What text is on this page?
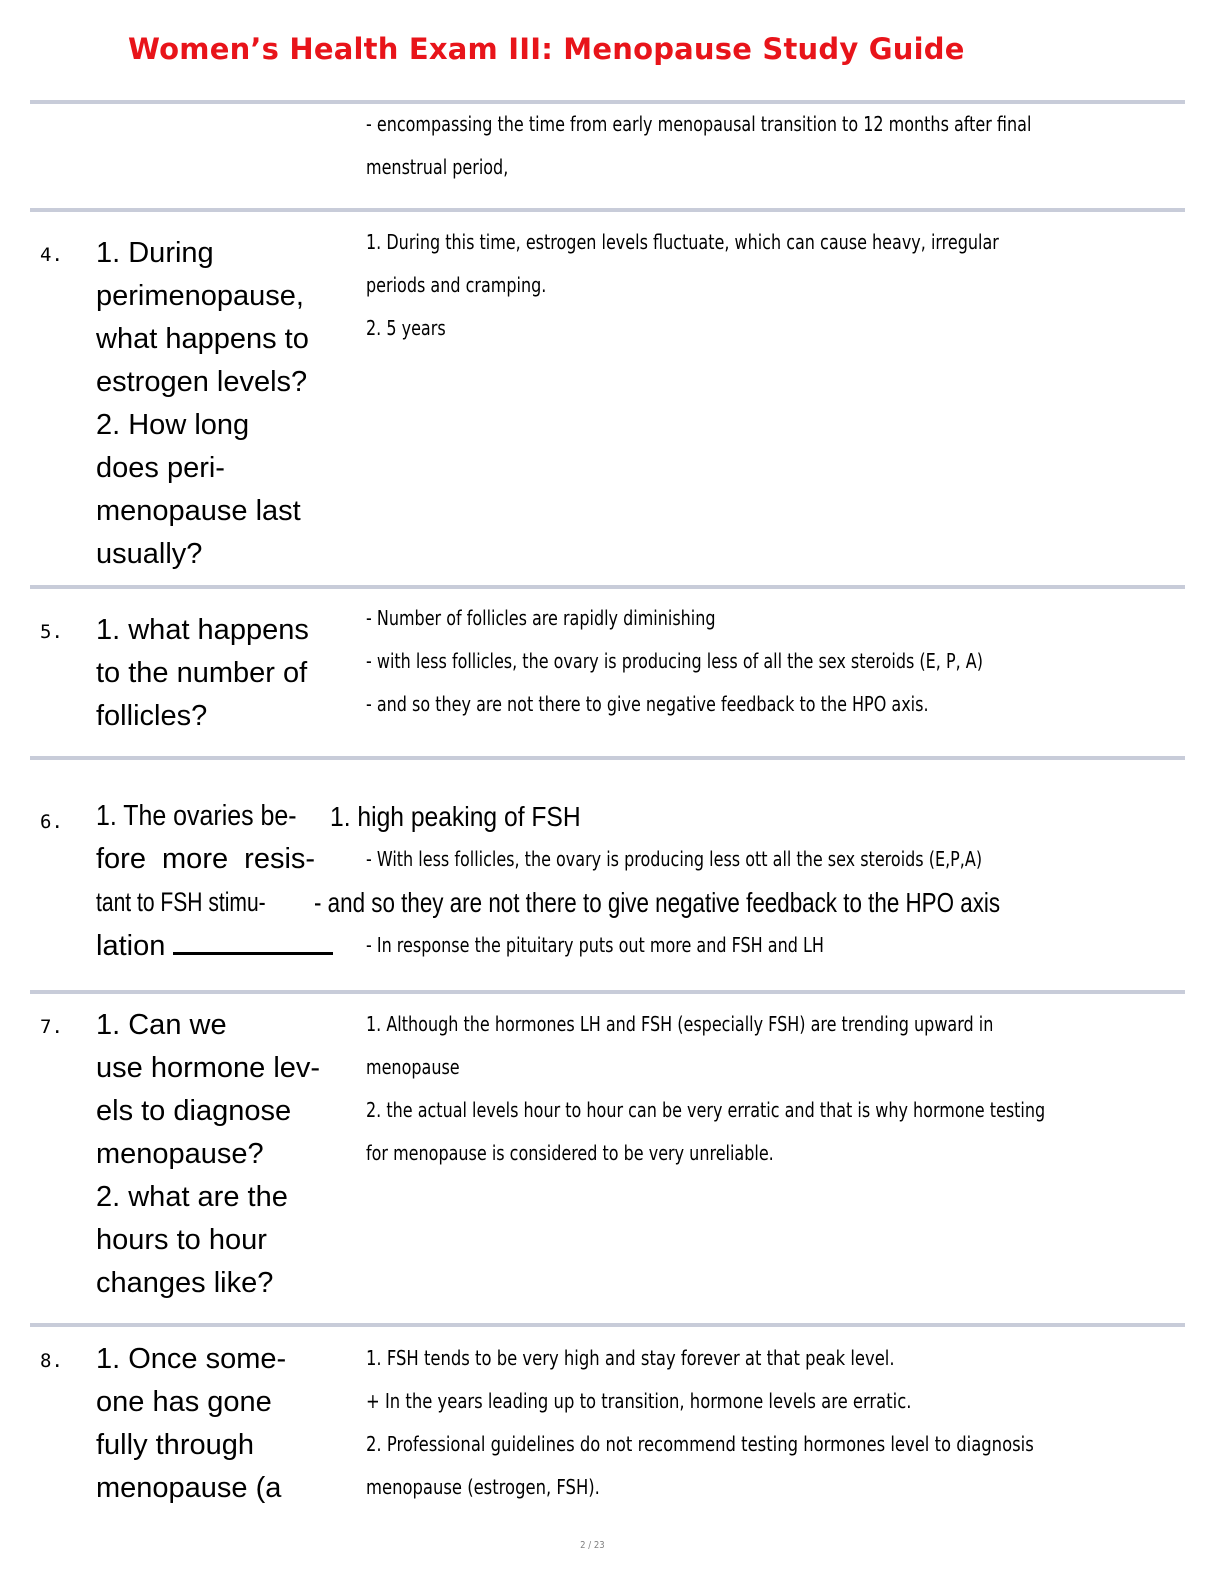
Women’s Health Exam III: Menopause Study Guide
- encompassing the time from early menopausal transition to 12 months after final
menstrual period,
4. 1. During
perimenopause,
what happens to
estrogen levels?
2. How long
does peri-
menopause last
usually?
1. During this time, estrogen levels fluctuate, which can cause heavy, irregular
periods and cramping.
2. 5 years
5. 1. what happens
to the number of
follicles?
- Number of follicles are rapidly diminishing
- with less follicles, the ovary is producing less of all the sex steroids (E, P, A)
- and so they are not there to give negative feedback to the HPO axis.
6. 1. The ovaries be-
fore more resis-
tant to FSH stimu-
lation
1. high peaking of FSH
- With less follicles, the ovary is producing less ott all the sex steroids (E,P,A)
- and so they are not there to give negative feedback to the HPO axis
- In response the pituitary puts out more and FSH and LH
7. 1. Can we
use hormone lev-
els to diagnose
menopause?
2. what are the
hours to hour
changes like?
1. Although the hormones LH and FSH (especially FSH) are trending upward in
menopause
2. the actual levels hour to hour can be very erratic and that is why hormone testing
for menopause is considered to be very unreliable.
8. 1. Once some-
one has gone
fully through
menopause (a
1. FSH tends to be very high and stay forever at that peak level.
+ In the years leading up to transition, hormone levels are erratic.
2. Professional guidelines do not recommend testing hormones level to diagnosis
menopause (estrogen, FSH).
2 / 23
